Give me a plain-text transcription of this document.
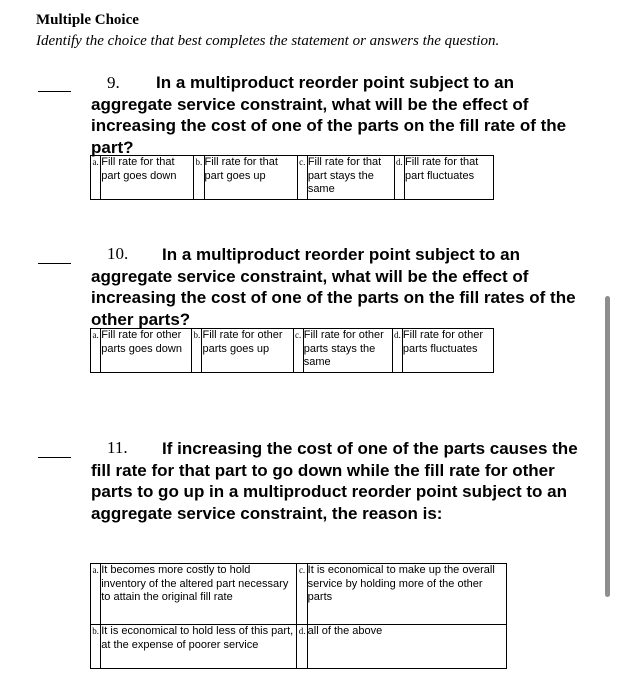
Multiple Choice
Identify the choice that best completes the statement or answers the question.
9.	In a multiproduct reorder point subject to an aggregate service constraint, what will be the effect of increasing the cost of one of the parts on the fill rate of the part?
a.	Fill rate for that part goes down	b.	Fill rate for that part goes up	c.	Fill rate for that part stays the same	d.	Fill rate for that part fluctuates
10.	In a multiproduct reorder point subject to an aggregate service constraint, what will be the effect of increasing the cost of one of the parts on the fill rates of the other parts?
a.	Fill rate for other parts goes down	b.	Fill rate for other parts goes up	c.	Fill rate for other parts stays the same	d.	Fill rate for other parts fluctuates
11.	If increasing the cost of one of the parts causes the fill rate for that part to go down while the fill rate for other parts to go up in a multiproduct reorder point subject to an aggregate service constraint, the reason is:
a.	It becomes more costly to hold inventory of the altered part necessary to attain the original fill rate	c.	It is economical to make up the overall service by holding more of the other parts
b.	It is economical to hold less of this part, at the expense of poorer service	d.	all of the above
